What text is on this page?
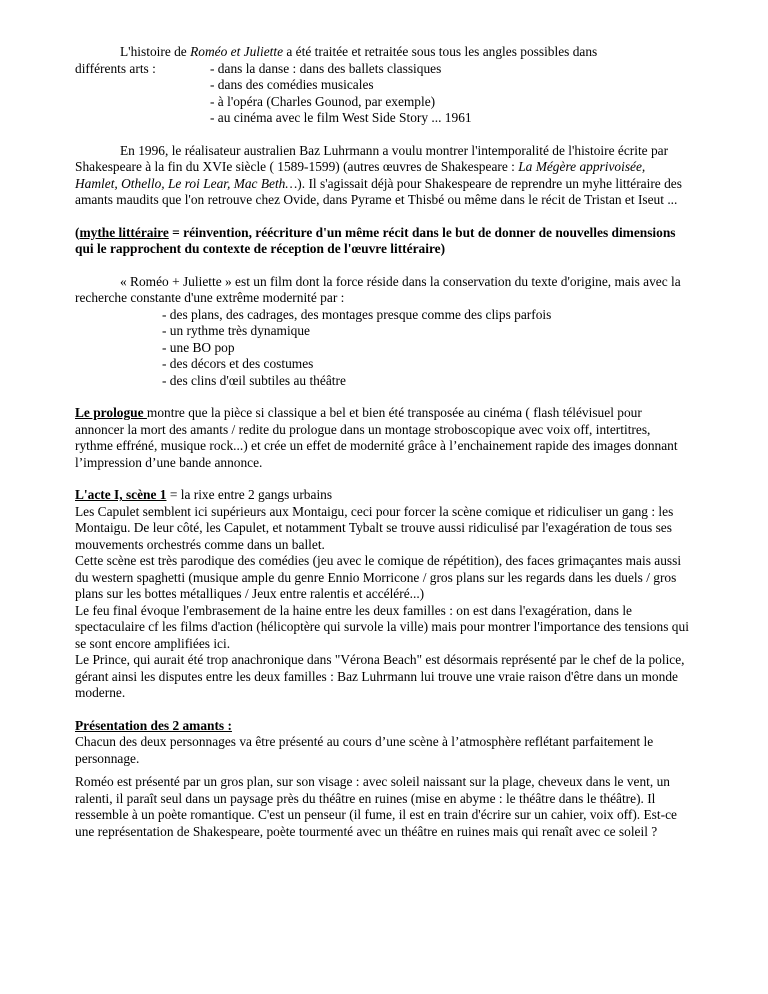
L'histoire de Roméo et Juliette a été traitée et retraitée sous tous les angles possibles dans

différents arts :	- dans la danse : dans des ballets classiques
- dans des comédies musicales
- à l'opéra (Charles Gounod, par exemple)
- au cinéma avec le film West Side Story ... 1961

En 1996, le réalisateur australien Baz Luhrmann a voulu montrer l'intemporalité de l'histoire écrite par Shakespeare à la fin du XVIe siècle ( 1589-1599) (autres œuvres de Shakespeare : La Mégère apprivoisée, Hamlet, Othello, Le roi Lear, Mac Beth…). Il s'agissait déjà pour Shakespeare de reprendre un myhe littéraire des amants maudits que l'on retrouve chez Ovide, dans Pyrame et Thisbé ou même dans le récit de Tristan et Iseut ...

(mythe littéraire = réinvention, réécriture d'un même récit dans le but de donner de nouvelles dimensions qui le rapprochent du contexte de réception de l'œuvre littéraire)

« Roméo + Juliette » est un film dont la force réside dans la conservation du texte d'origine, mais avec la recherche constante d'une extrême modernité par :

- des plans, des cadrages, des montages presque comme des clips parfois
- un rythme très dynamique
- une BO pop
- des décors et des costumes
- des clins d'œil subtiles au théâtre

Le prologue montre que la pièce si classique a bel et bien été transposée au cinéma ( flash télévisuel pour annoncer la mort des amants / redite du prologue dans un montage stroboscopique avec voix off, intertitres, rythme effréné, musique rock...) et crée un effet de modernité grâce à l’enchainement rapide des images donnant l’impression d’une bande annonce.

L'acte I, scène 1 = la rixe entre 2 gangs urbains

Les Capulet semblent ici supérieurs aux Montaigu, ceci pour forcer la scène comique et ridiculiser un gang : les Montaigu. De leur côté, les Capulet, et notamment Tybalt se trouve aussi ridiculisé par l'exagération de tous ses mouvements orchestrés comme dans un ballet.

Cette scène est très parodique des comédies (jeu avec le comique de répétition), des faces grimaçantes mais aussi du western spaghetti (musique ample du genre Ennio Morricone / gros plans sur les regards dans les duels / gros plans sur les bottes métalliques / Jeux entre ralentis et accéléré...)

Le feu final évoque l'embrasement de la haine entre les deux familles : on est dans l'exagération, dans le spectaculaire cf les films d'action (hélicoptère qui survole la ville) mais pour montrer l'importance des tensions qui se sont encore amplifiées ici.

Le Prince, qui aurait été trop anachronique dans "Vérona Beach" est désormais représenté par le chef de la police, gérant ainsi les disputes entre les deux familles : Baz Luhrmann lui trouve une vraie raison d'être dans un monde moderne.

Présentation des 2 amants :

Chacun des deux personnages va être présenté au cours d’une scène à l’atmosphère reflétant parfaitement le personnage.

Roméo est présenté par un gros plan, sur son visage : avec soleil naissant sur la plage, cheveux dans le vent, un ralenti, il paraît seul dans un paysage près du théâtre en ruines (mise en abyme : le théâtre dans le théâtre). Il ressemble à un poète romantique. C'est un penseur (il fume, il est en train d'écrire sur un cahier, voix off). Est-ce une représentation de Shakespeare, poète tourmenté avec un théâtre en ruines mais qui renaît avec ce soleil ?
